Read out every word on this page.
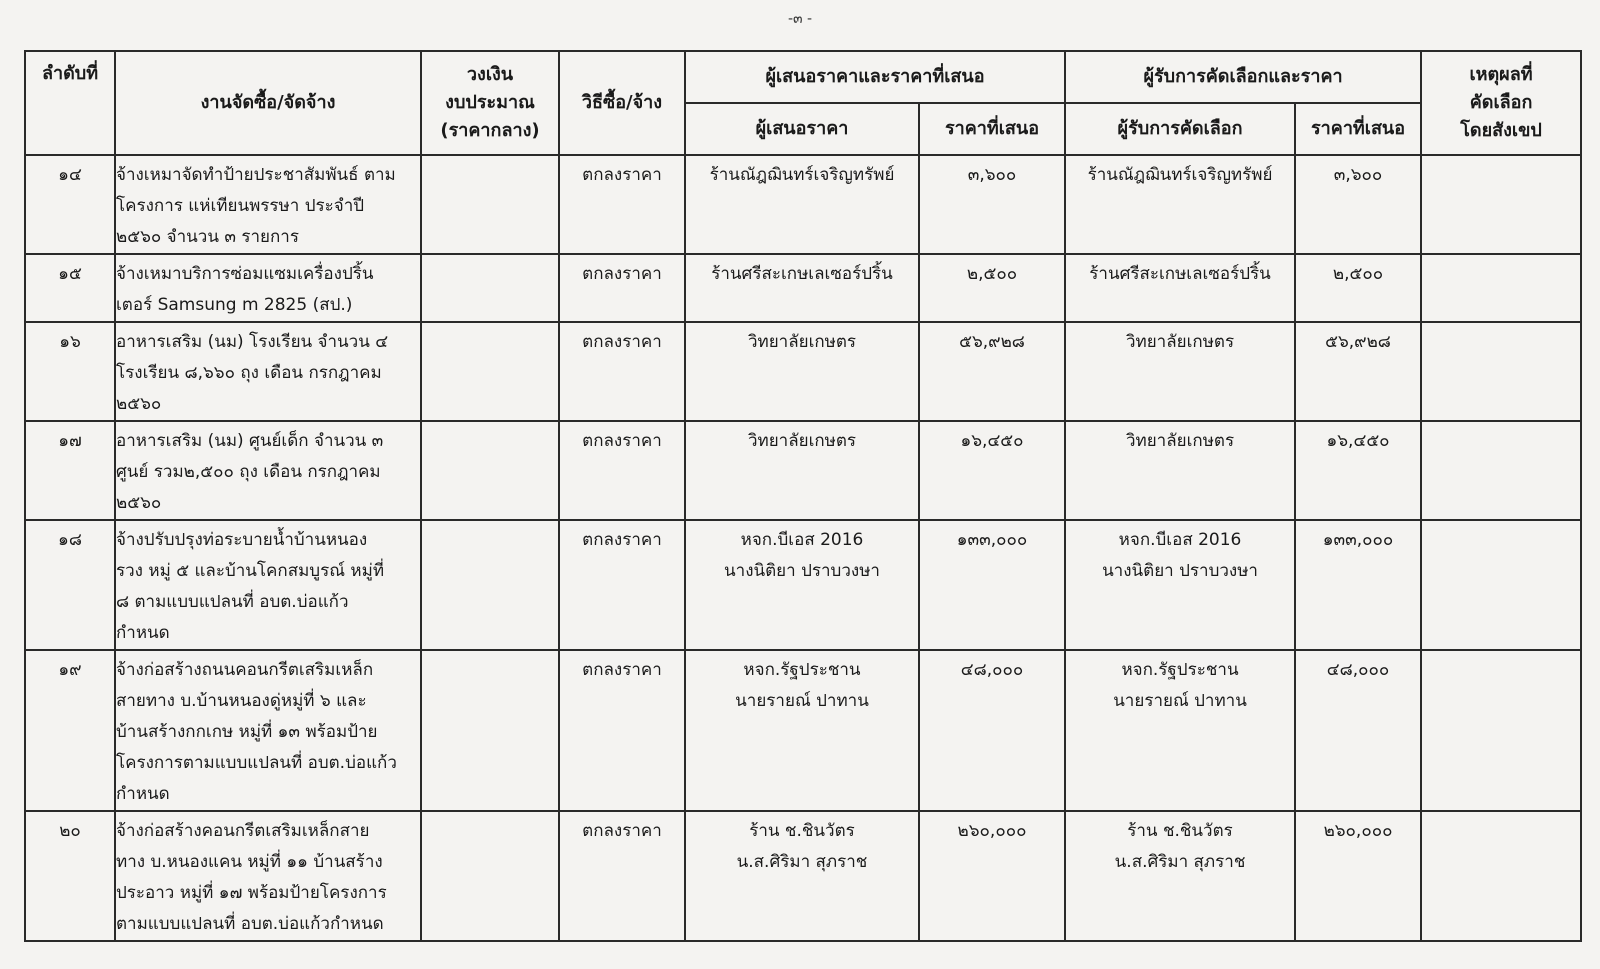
-๓ -
ลำดับที่	งานจัดซื้อ/จัดจ้าง	วงเงิน
งบประมาณ
(ราคากลาง)	วิธีซื้อ/จ้าง	ผู้เสนอราคาและราคาที่เสนอ		ผู้รับการคัดเลือกและราคา		เหตุผลที่
คัดเลือก
โดยสังเขป

				ผู้เสนอราคา	ราคาที่เสนอ	ผู้รับการคัดเลือก	ราคาที่เสนอ	
๑๔	จ้างเหมาจัดทำป้ายประชาสัมพันธ์ ตาม
โครงการ แห่เทียนพรรษา ประจำปี
๒๕๖๐ จำนวน ๓ รายการ		ตกลงราคา	ร้านณัฎฌินทร์เจริญทรัพย์	๓,๖๐๐	ร้านณัฎฌินทร์เจริญทรัพย์	๓,๖๐๐	
๑๕	จ้างเหมาบริการซ่อมแซมเครื่องปริ้น
เตอร์ Samsung m 2825 (สป.)		ตกลงราคา	ร้านศรีสะเกษเลเซอร์ปริ้น	๒,๕๐๐	ร้านศรีสะเกษเลเซอร์ปริ้น	๒,๕๐๐	
๑๖	อาหารเสริม (นม) โรงเรียน จำนวน ๔
โรงเรียน ๘,๖๖๐ ถุง เดือน กรกฎาคม
๒๕๖๐		ตกลงราคา	วิทยาลัยเกษตร	๕๖,๙๒๘	วิทยาลัยเกษตร	๕๖,๙๒๘	
๑๗	อาหารเสริม (นม) ศูนย์เด็ก จำนวน ๓
ศูนย์ รวม๒,๕๐๐ ถุง เดือน กรกฎาคม
๒๕๖๐		ตกลงราคา	วิทยาลัยเกษตร	๑๖,๔๕๐	วิทยาลัยเกษตร	๑๖,๔๕๐	
๑๘	จ้างปรับปรุงท่อระบายน้ำบ้านหนอง
รวง หมู่ ๕ และบ้านโคกสมบูรณ์ หมู่ที่
๘ ตามแบบแปลนที่ อบต.บ่อแก้ว
กำหนด		ตกลงราคา	หจก.บีเอส 2016
นางนิติยา ปราบวงษา	๑๓๓,๐๐๐	หจก.บีเอส 2016
นางนิติยา ปราบวงษา	๑๓๓,๐๐๐	
๑๙	จ้างก่อสร้างถนนคอนกรีตเสริมเหล็ก
สายทาง บ.บ้านหนองดู่หมู่ที่ ๖ และ
บ้านสร้างกกเกษ หมู่ที่ ๑๓ พร้อมป้าย
โครงการตามแบบแปลนที่ อบต.บ่อแก้ว
กำหนด		ตกลงราคา	หจก.รัฐประชาน
นายรายณ์ ปาทาน	๔๘,๐๐๐	หจก.รัฐประชาน
นายรายณ์ ปาทาน	๔๘,๐๐๐	
๒๐	จ้างก่อสร้างคอนกรีตเสริมเหล็กสาย
ทาง บ.หนองแคน หมู่ที่ ๑๑ บ้านสร้าง
ประอาว หมู่ที่ ๑๗ พร้อมป้ายโครงการ
ตามแบบแปลนที่ อบต.บ่อแก้วกำหนด		ตกลงราคา	ร้าน ช.ชินวัตร
น.ส.ศิริมา สุภราช	๒๖๐,๐๐๐	ร้าน ช.ชินวัตร
น.ส.ศิริมา สุภราช	๒๖๐,๐๐๐	
